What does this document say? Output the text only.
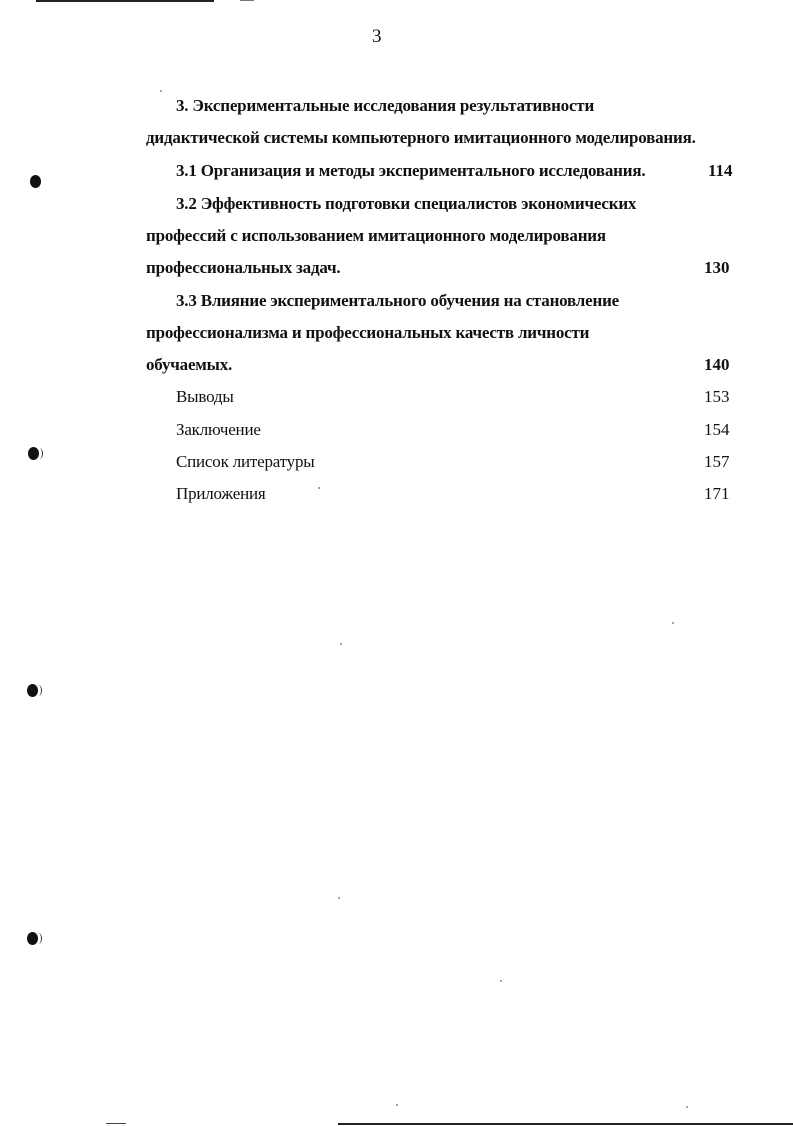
3
3. Экспериментальные исследования результативности
дидактической системы компьютерного имитационного моделирования.
3.1 Организация и методы экспериментального исследования.	114
3.2 Эффективность подготовки специалистов экономических
профессий с использованием имитационного моделирования
профессиональных задач.	130
3.3 Влияние экспериментального обучения на становление
профессионализма и профессиональных качеств личности
обучаемых.	140
Выводы	153
Заключение	154
Список литературы	157
Приложения	171
